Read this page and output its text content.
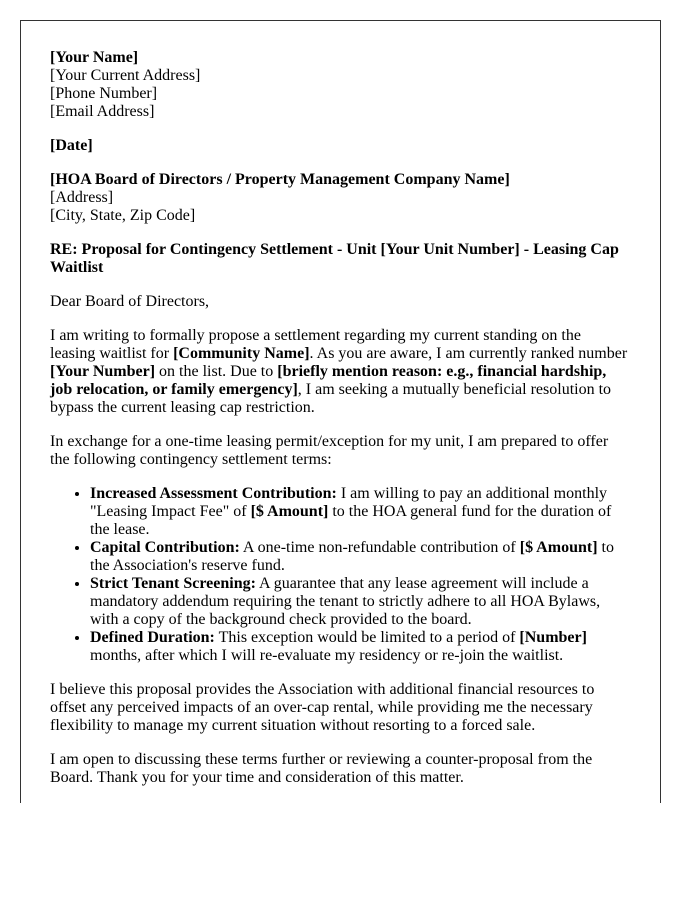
[Your Name]
[Your Current Address]
[Phone Number]
[Email Address]

[Date]

[HOA Board of Directors / Property Management Company Name]
[Address]
[City, State, Zip Code]

RE: Proposal for Contingency Settlement - Unit [Your Unit Number] - Leasing Cap Waitlist

Dear Board of Directors,

I am writing to formally propose a settlement regarding my current standing on the leasing waitlist for [Community Name]. As you are aware, I am currently ranked number [Your Number] on the list. Due to [briefly mention reason: e.g., financial hardship, job relocation, or family emergency], I am seeking a mutually beneficial resolution to bypass the current leasing cap restriction.

In exchange for a one-time leasing permit/exception for my unit, I am prepared to offer the following contingency settlement terms:

• Increased Assessment Contribution: I am willing to pay an additional monthly "Leasing Impact Fee" of [$ Amount] to the HOA general fund for the duration of the lease.
• Capital Contribution: A one-time non-refundable contribution of [$ Amount] to the Association's reserve fund.
• Strict Tenant Screening: A guarantee that any lease agreement will include a mandatory addendum requiring the tenant to strictly adhere to all HOA Bylaws, with a copy of the background check provided to the board.
• Defined Duration: This exception would be limited to a period of [Number] months, after which I will re-evaluate my residency or re-join the waitlist.

I believe this proposal provides the Association with additional financial resources to offset any perceived impacts of an over-cap rental, while providing me the necessary flexibility to manage my current situation without resorting to a forced sale.

I am open to discussing these terms further or reviewing a counter-proposal from the Board. Thank you for your time and consideration of this matter.
